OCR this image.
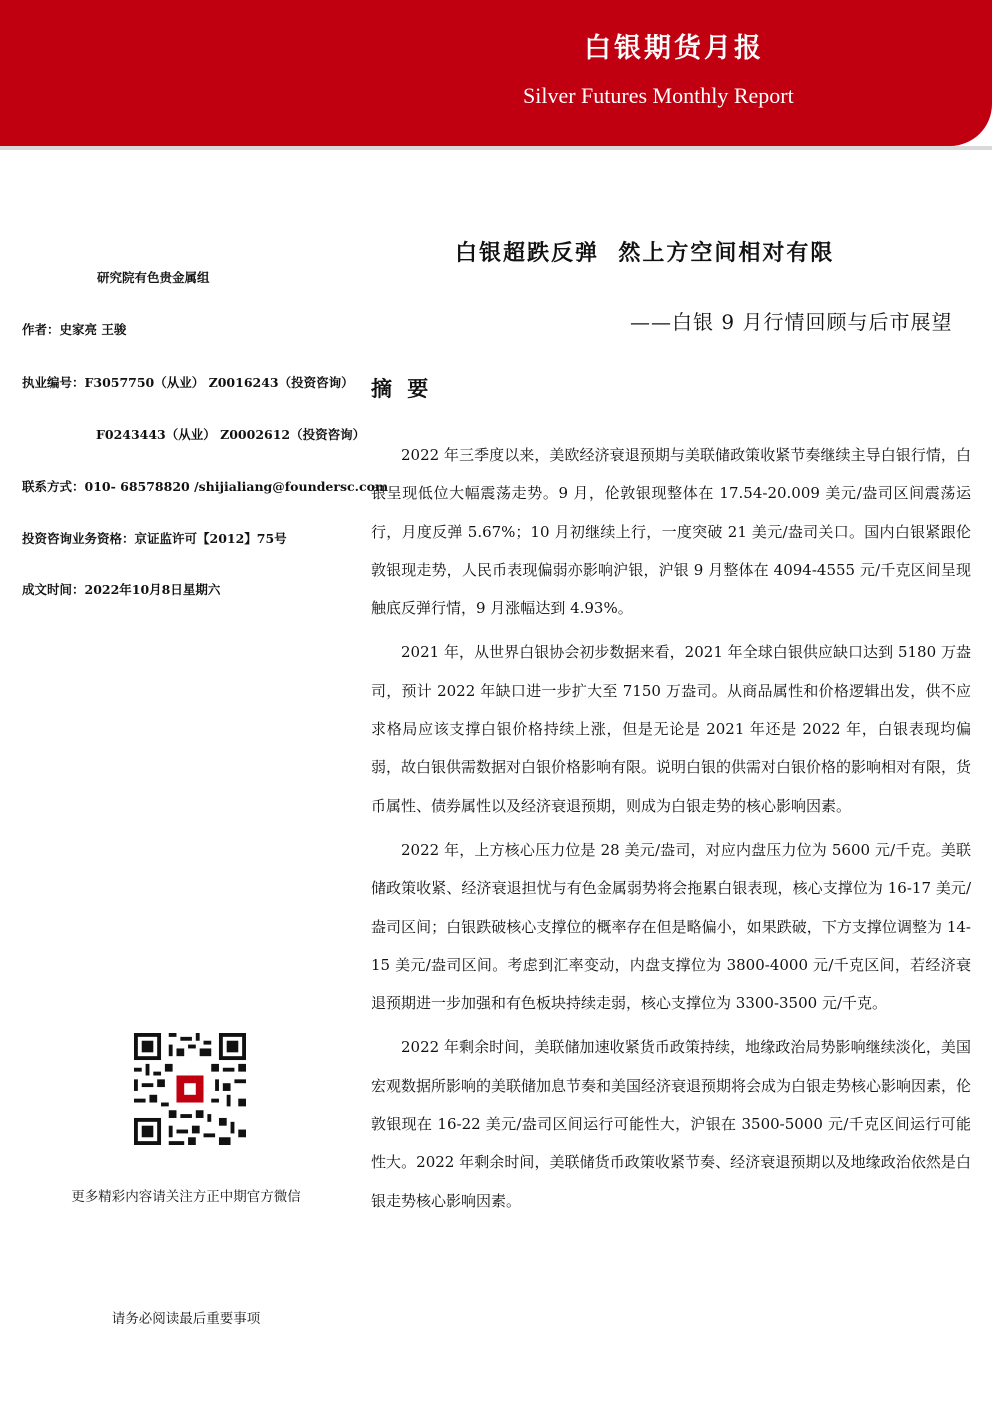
白银期货月报
Silver Futures Monthly Report
研究院有色贵金属组
作者：史家亮 王骏
执业编号：F3057750（从业） Z0016243（投资咨询）
F0243443（从业） Z0002612（投资咨询）
联系方式：010- 68578820 /shijialiang@foundersc.com
投资咨询业务资格：京证监许可【2012】75号
成文时间：2022年10月8日星期六
白银超跌反弹  然上方空间相对有限
——白银 9 月行情回顾与后市展望
摘 要

2022 年三季度以来，美欧经济衰退预期与美联储政策收紧节奏继续主导白银行情，白银呈现低位大幅震荡走势。9 月，伦敦银现整体在 17.54-20.009 美元/盎司区间震荡运行，月度反弹 5.67%；10 月初继续上行，一度突破 21 美元/盎司关口。国内白银紧跟伦敦银现走势，人民币表现偏弱亦影响沪银，沪银 9 月整体在 4094-4555 元/千克区间呈现触底反弹行情，9 月涨幅达到 4.93%。

2021 年，从世界白银协会初步数据来看，2021 年全球白银供应缺口达到 5180 万盎司，预计 2022 年缺口进一步扩大至 7150 万盎司。从商品属性和价格逻辑出发，供不应求格局应该支撑白银价格持续上涨，但是无论是 2021 年还是 2022 年，白银表现均偏弱，故白银供需数据对白银价格影响有限。说明白银的供需对白银价格的影响相对有限，货币属性、债券属性以及经济衰退预期，则成为白银走势的核心影响因素。

2022 年，上方核心压力位是 28 美元/盎司，对应内盘压力位为 5600 元/千克。美联储政策收紧、经济衰退担忧与有色金属弱势将会拖累白银表现，核心支撑位为 16-17 美元/盎司区间；白银跌破核心支撑位的概率存在但是略偏小，如果跌破，下方支撑位调整为 14-15 美元/盎司区间。考虑到汇率变动，内盘支撑位为 3800-4000 元/千克区间，若经济衰退预期进一步加强和有色板块持续走弱，核心支撑位为 3300-3500 元/千克。

2022 年剩余时间，美联储加速收紧货币政策持续，地缘政治局势影响继续淡化，美国宏观数据所影响的美联储加息节奏和美国经济衰退预期将会成为白银走势核心影响因素，伦敦银现在 16-22 美元/盎司区间运行可能性大，沪银在 3500-5000 元/千克区间运行可能性大。2022 年剩余时间，美联储货币政策收紧节奏、经济衰退预期以及地缘政治依然是白银走势核心影响因素。

更多精彩内容请关注方正中期官方微信
请务必阅读最后重要事项
